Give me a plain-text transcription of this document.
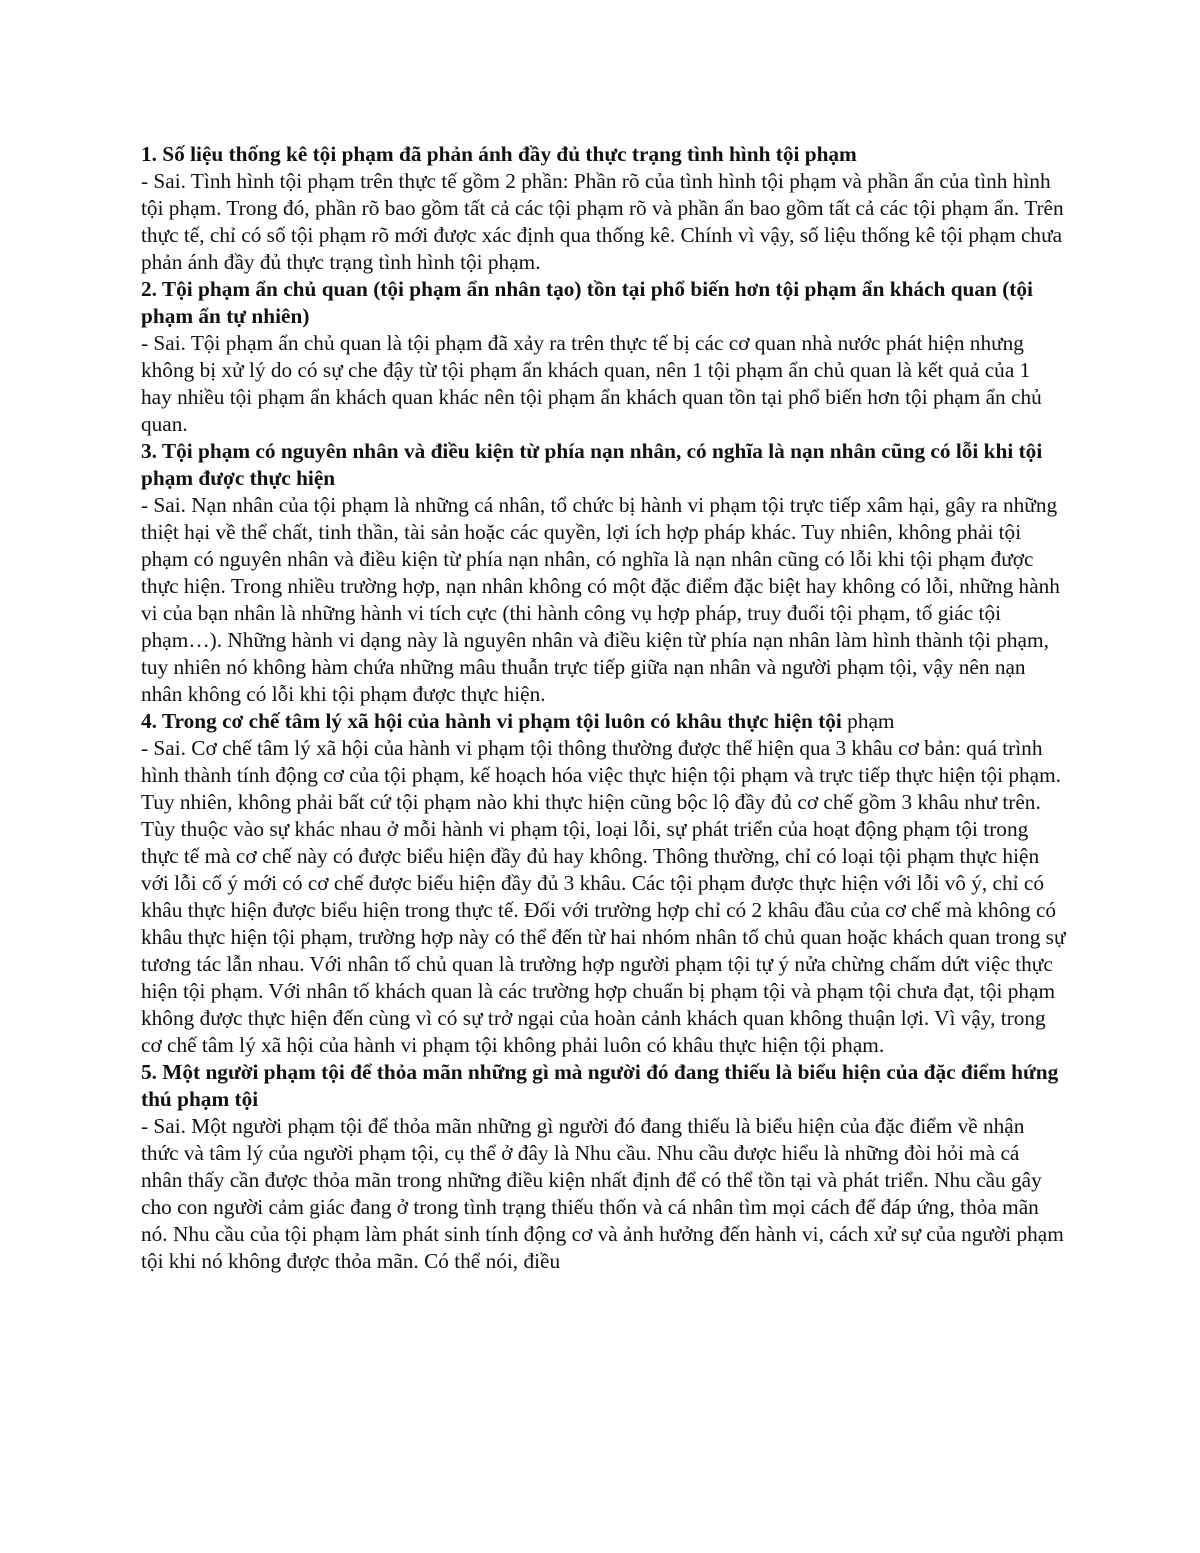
1. Số liệu thống kê tội phạm đã phản ánh đầy đủ thực trạng tình hình tội phạm

- Sai. Tình hình tội phạm trên thực tế gồm 2 phần: Phần rõ của tình hình tội phạm và phần ẩn của tình hình tội phạm. Trong đó, phần rõ bao gồm tất cả các tội phạm rõ và phần ẩn bao gồm tất cả các tội phạm ẩn. Trên thực tế, chỉ có số tội phạm rõ mới được xác định qua thống kê. Chính vì vậy, số liệu thống kê tội phạm chưa phản ánh đầy đủ thực trạng tình hình tội phạm.

2. Tội phạm ẩn chủ quan (tội phạm ẩn nhân tạo) tồn tại phổ biến hơn tội phạm ẩn khách quan (tội phạm ẩn tự nhiên)

- Sai. Tội phạm ẩn chủ quan là tội phạm đã xảy ra trên thực tế bị các cơ quan nhà nước phát hiện nhưng không bị xử lý do có sự che đậy từ tội phạm ẩn khách quan, nên 1 tội phạm ẩn chủ quan là kết quả của 1 hay nhiều tội phạm ẩn khách quan khác nên tội phạm ẩn khách quan tồn tại phổ biến hơn tội phạm ẩn chủ quan.

3. Tội phạm có nguyên nhân và điều kiện từ phía nạn nhân, có nghĩa là nạn nhân cũng có lỗi khi tội phạm được thực hiện

- Sai. Nạn nhân của tội phạm là những cá nhân, tổ chức bị hành vi phạm tội trực tiếp xâm hại, gây ra những thiệt hại về thể chất, tinh thần, tài sản hoặc các quyền, lợi ích hợp pháp khác. Tuy nhiên, không phải tội phạm có nguyên nhân và điều kiện từ phía nạn nhân, có nghĩa là nạn nhân cũng có lỗi khi tội phạm được thực hiện. Trong nhiều trường hợp, nạn nhân không có một đặc điểm đặc biệt hay không có lỗi, những hành vi của bạn nhân là những hành vi tích cực (thi hành công vụ hợp pháp, truy đuổi tội phạm, tố giác tội phạm…). Những hành vi dạng này là nguyên nhân và điều kiện từ phía nạn nhân làm hình thành tội phạm, tuy nhiên nó không hàm chứa những mâu thuẫn trực tiếp giữa nạn nhân và người phạm tội, vậy nên nạn nhân không có lỗi khi tội phạm được thực hiện.

4. Trong cơ chế tâm lý xã hội của hành vi phạm tội luôn có khâu thực hiện tội phạm

- Sai. Cơ chế tâm lý xã hội của hành vi phạm tội thông thường được thể hiện qua 3 khâu cơ bản: quá trình hình thành tính động cơ của tội phạm, kế hoạch hóa việc thực hiện tội phạm và trực tiếp thực hiện tội phạm. Tuy nhiên, không phải bất cứ tội phạm nào khi thực hiện cũng bộc lộ đầy đủ cơ chế gồm 3 khâu như trên. Tùy thuộc vào sự khác nhau ở mỗi hành vi phạm tội, loại lỗi, sự phát triển của hoạt động phạm tội trong thực tế mà cơ chế này có được biểu hiện đầy đủ hay không. Thông thường, chỉ có loại tội phạm thực hiện với lỗi cố ý mới có cơ chế được biểu hiện đầy đủ 3 khâu. Các tội phạm được thực hiện với lỗi vô ý, chỉ có khâu thực hiện được biểu hiện trong thực tế. Đối với trường hợp chỉ có 2 khâu đầu của cơ chế mà không có khâu thực hiện tội phạm, trường hợp này có thể đến từ hai nhóm nhân tố chủ quan hoặc khách quan trong sự tương tác lẫn nhau. Với nhân tố chủ quan là trường hợp người phạm tội tự ý nửa chừng chấm dứt việc thực hiện tội phạm. Với nhân tố khách quan là các trường hợp chuẩn bị phạm tội và phạm tội chưa đạt, tội phạm không được thực hiện đến cùng vì có sự trở ngại của hoàn cảnh khách quan không thuận lợi. Vì vậy, trong cơ chế tâm lý xã hội của hành vi phạm tội không phải luôn có khâu thực hiện tội phạm.

5. Một người phạm tội để thỏa mãn những gì mà người đó đang thiếu là biểu hiện của đặc điểm hứng thú phạm tội

- Sai. Một người phạm tội để thỏa mãn những gì người đó đang thiếu là biểu hiện của đặc điểm về nhận thức và tâm lý của người phạm tội, cụ thể ở đây là Nhu cầu. Nhu cầu được hiểu là những đòi hỏi mà cá nhân thấy cần được thỏa mãn trong những điều kiện nhất định để có thể tồn tại và phát triển. Nhu cầu gây cho con người cảm giác đang ở trong tình trạng thiếu thốn và cá nhân tìm mọi cách để đáp ứng, thỏa mãn nó. Nhu cầu của tội phạm làm phát sinh tính động cơ và ảnh hưởng đến hành vi, cách xử sự của người phạm tội khi nó không được thỏa mãn. Có thể nói, điều
